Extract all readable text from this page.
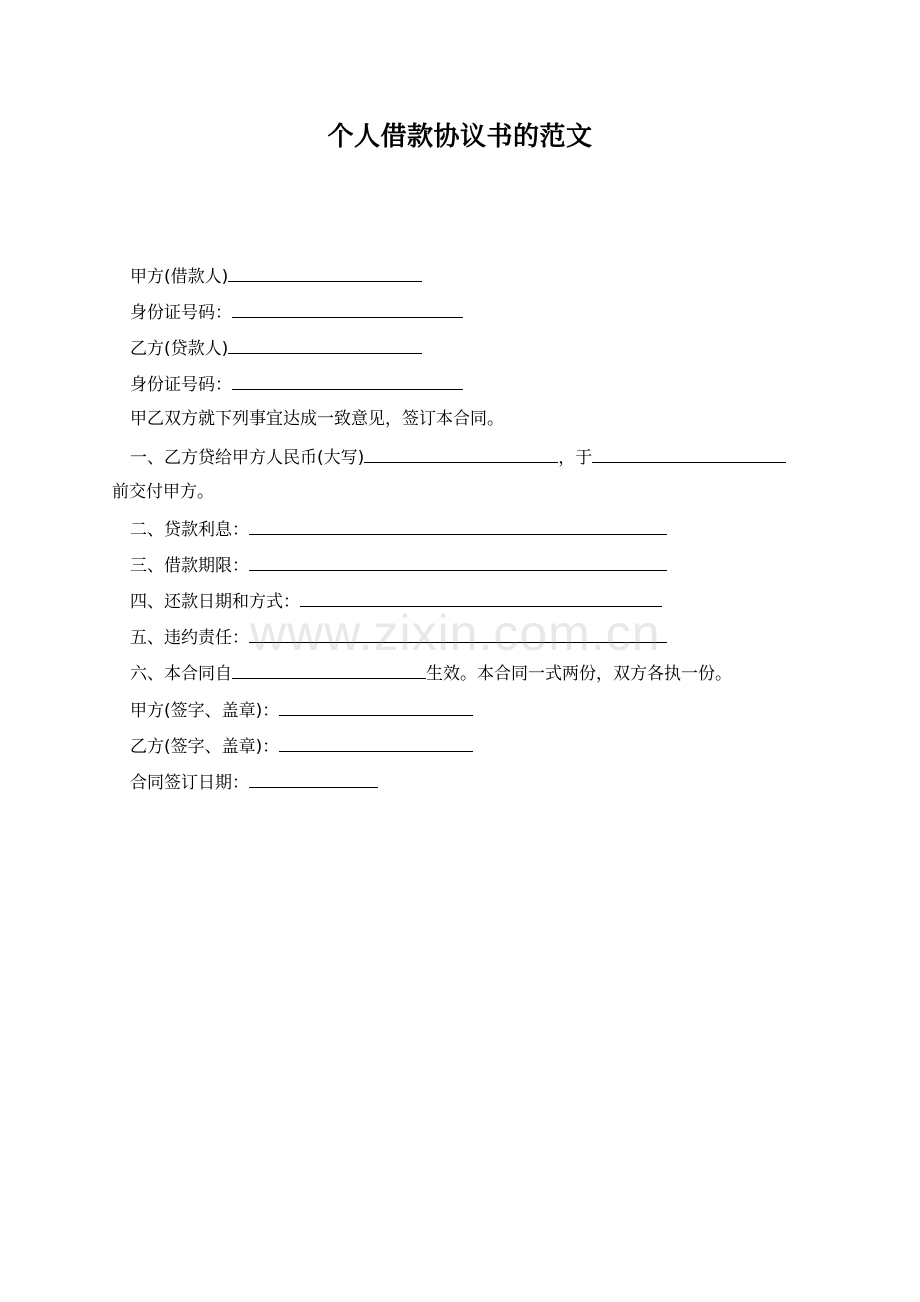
个人借款协议书的范文
甲方(借款人)
身份证号码：
乙方(贷款人)
身份证号码：
甲乙双方就下列事宜达成一致意见，签订本合同。
一、乙方贷给甲方人民币(大写)	，于
前交付甲方。
二、贷款利息：
三、借款期限：
四、还款日期和方式：
五、违约责任：
六、本合同自	生效。本合同一式两份，双方各执一份。
甲方(签字、盖章)：
乙方(签字、盖章)：
合同签订日期：
www.zixin.com.cn
